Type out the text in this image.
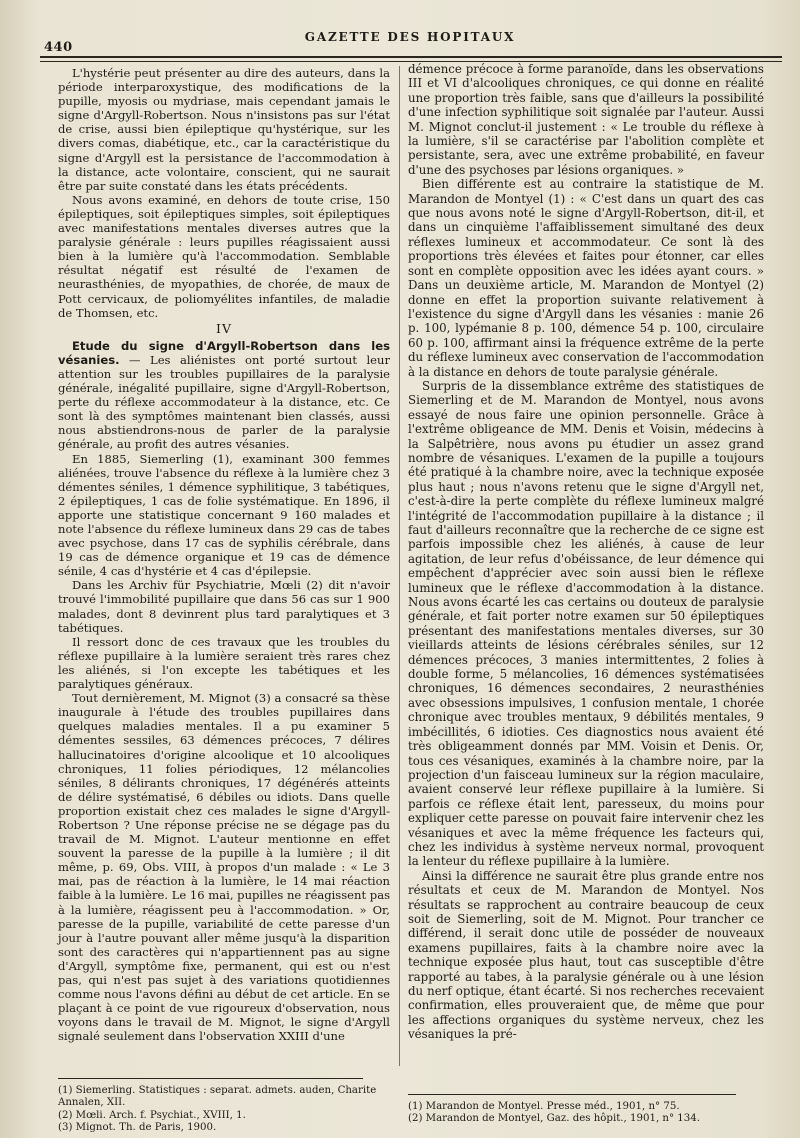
440
GAZETTE DES HOPITAUX

L'hystérie peut présenter au dire des auteurs, dans la période interparoxystique, des modifications de la pupille, myosis ou mydriase, mais cependant jamais le signe d'Argyll-Robertson. Nous n'insistons pas sur l'état de crise, aussi bien épileptique qu'hystérique, sur les divers comas, diabétique, etc., car la caractéristique du signe d'Argyll est la persistance de l'accommodation à la distance, acte volontaire, conscient, qui ne saurait être par suite constaté dans les états précédents.

Nous avons examiné, en dehors de toute crise, 150 épileptiques, soit épileptiques simples, soit épileptiques avec manifestations mentales diverses autres que la paralysie générale : leurs pupilles réagissaient aussi bien à la lumière qu'à l'accommodation. Semblable résultat négatif est résulté de l'examen de neurasthénies, de myopathies, de chorée, de maux de Pott cervicaux, de poliomyélites infantiles, de maladie de Thomsen, etc.

IV

Etude du signe d'Argyll-Robertson dans les vésanies. — Les aliénistes ont porté surtout leur attention sur les troubles pupillaires de la paralysie générale, inégalité pupillaire, signe d'Argyll-Robertson, perte du réflexe accommodateur à la distance, etc. Ce sont là des symptômes maintenant bien classés, aussi nous abstiendrons-nous de parler de la paralysie générale, au profit des autres vésanies.

En 1885, Siemerling (1), examinant 300 femmes aliénées, trouve l'absence du réflexe à la lumière chez 3 démentes séniles, 1 démence syphilitique, 3 tabétiques, 2 épileptiques, 1 cas de folie systématique. En 1896, il apporte une statistique concernant 9 160 malades et note l'absence du réflexe lumineux dans 29 cas de tabes avec psychose, dans 17 cas de syphilis cérébrale, dans 19 cas de démence organique et 19 cas de démence sénile, 4 cas d'hystérie et 4 cas d'épilepsie.

Dans les Archiv für Psychiatrie, Mœli (2) dit n'avoir trouvé l'immobilité pupillaire que dans 56 cas sur 1 900 malades, dont 8 devinrent plus tard paralytiques et 3 tabétiques.

Il ressort donc de ces travaux que les troubles du réflexe pupillaire à la lumière seraient très rares chez les aliénés, si l'on excepte les tabétiques et les paralytiques généraux.

Tout dernièrement, M. Mignot (3) a consacré sa thèse inaugurale à l'étude des troubles pupillaires dans quelques maladies mentales. Il a pu examiner 5 démentes sessiles, 63 démences précoces, 7 délires hallucinatoires d'origine alcoolique et 10 alcooliques chroniques, 11 folies périodiques, 12 mélancolies séniles, 8 délirants chroniques, 17 dégénérés atteints de délire systématisé, 6 débiles ou idiots. Dans quelle proportion existait chez ces malades le signe d'Argyll-Robertson ? Une réponse précise ne se dégage pas du travail de M. Mignot. L'auteur mentionne en effet souvent la paresse de la pupille à la lumière ; il dit même, p. 69, Obs. VIII, à propos d'un malade : « Le 3 mai, pas de réaction à la lumière, le 14 mai réaction faible à la lumière. Le 16 mai, pupilles ne réagissent pas à la lumière, réagissent peu à l'accommodation. » Or, paresse de la pupille, variabilité de cette paresse d'un jour à l'autre pouvant aller même jusqu'à la disparition sont des caractères qui n'appartiennent pas au signe d'Argyll, symptôme fixe, permanent, qui est ou n'est pas, qui n'est pas sujet à des variations quotidiennes comme nous l'avons défini au début de cet article. En se plaçant à ce point de vue rigoureux d'observation, nous voyons dans le travail de M. Mignot, le signe d'Argyll signalé seulement dans l'observation XXIII d'une

démence précoce à forme paranoïde, dans les observations III et VI d'alcooliques chroniques, ce qui donne en réalité une proportion très faible, sans que d'ailleurs la possibilité d'une infection syphilitique soit signalée par l'auteur. Aussi M. Mignot conclut-il justement : « Le trouble du réflexe à la lumière, s'il se caractérise par l'abolition complète et persistante, sera, avec une extrême probabilité, en faveur d'une des psychoses par lésions organiques. »

Bien différente est au contraire la statistique de M. Marandon de Montyel (1) : « C'est dans un quart des cas que nous avons noté le signe d'Argyll-Robertson, dit-il, et dans un cinquième l'affaiblissement simultané des deux réflexes lumineux et accommodateur. Ce sont là des proportions très élevées et faites pour étonner, car elles sont en complète opposition avec les idées ayant cours. » Dans un deuxième article, M. Marandon de Montyel (2) donne en effet la proportion suivante relativement à l'existence du signe d'Argyll dans les vésanies : manie 26 p. 100, lypémanie 8 p. 100, démence 54 p. 100, circulaire 60 p. 100, affirmant ainsi la fréquence extrême de la perte du réflexe lumineux avec conservation de l'accommodation à la distance en dehors de toute paralysie générale.

Surpris de la dissemblance extrême des statistiques de Siemerling et de M. Marandon de Montyel, nous avons essayé de nous faire une opinion personnelle. Grâce à l'extrême obligeance de MM. Denis et Voisin, médecins à la Salpêtrière, nous avons pu étudier un assez grand nombre de vésaniques. L'examen de la pupille a toujours été pratiqué à la chambre noire, avec la technique exposée plus haut ; nous n'avons retenu que le signe d'Argyll net, c'est-à-dire la perte complète du réflexe lumineux malgré l'intégrité de l'accommodation pupillaire à la distance ; il faut d'ailleurs reconnaître que la recherche de ce signe est parfois impossible chez les aliénés, à cause de leur agitation, de leur refus d'obéissance, de leur démence qui empêchent d'apprécier avec soin aussi bien le réflexe lumineux que le réflexe d'accommodation à la distance. Nous avons écarté les cas certains ou douteux de paralysie générale, et fait porter notre examen sur 50 épileptiques présentant des manifestations mentales diverses, sur 30 vieillards atteints de lésions cérébrales séniles, sur 12 démences précoces, 3 manies intermittentes, 2 folies à double forme, 5 mélancolies, 16 démences systématisées chroniques, 16 démences secondaires, 2 neurasthénies avec obsessions impulsives, 1 confusion mentale, 1 chorée chronique avec troubles mentaux, 9 débilités mentales, 9 imbécillités, 6 idioties. Ces diagnostics nous avaient été très obligeamment donnés par MM. Voisin et Denis. Or, tous ces vésaniques, examinés à la chambre noire, par la projection d'un faisceau lumineux sur la région maculaire, avaient conservé leur réflexe pupillaire à la lumière. Si parfois ce réflexe était lent, paresseux, du moins pour expliquer cette paresse on pouvait faire intervenir chez les vésaniques et avec la même fréquence les facteurs qui, chez les individus à système nerveux normal, provoquent la lenteur du réflexe pupillaire à la lumière.

Ainsi la différence ne saurait être plus grande entre nos résultats et ceux de M. Marandon de Montyel. Nos résultats se rapprochent au contraire beaucoup de ceux soit de Siemerling, soit de M. Mignot. Pour trancher ce différend, il serait donc utile de posséder de nouveaux examens pupillaires, faits à la chambre noire avec la technique exposée plus haut, tout cas susceptible d'être rapporté au tabes, à la paralysie générale ou à une lésion du nerf optique, étant écarté. Si nos recherches recevaient confirmation, elles prouveraient que, de même que pour les affections organiques du système nerveux, chez les vésaniques la pré-

(1) Siemerling. Statistiques : separat. admets. auden, Charite Annalen, XII.

(2) Mœli. Arch. f. Psychiat., XVIII, 1.

(3) Mignot. Th. de Paris, 1900.

(1) Marandon de Montyel. Presse méd., 1901, n° 75.

(2) Marandon de Montyel, Gaz. des hôpit., 1901, n° 134.
